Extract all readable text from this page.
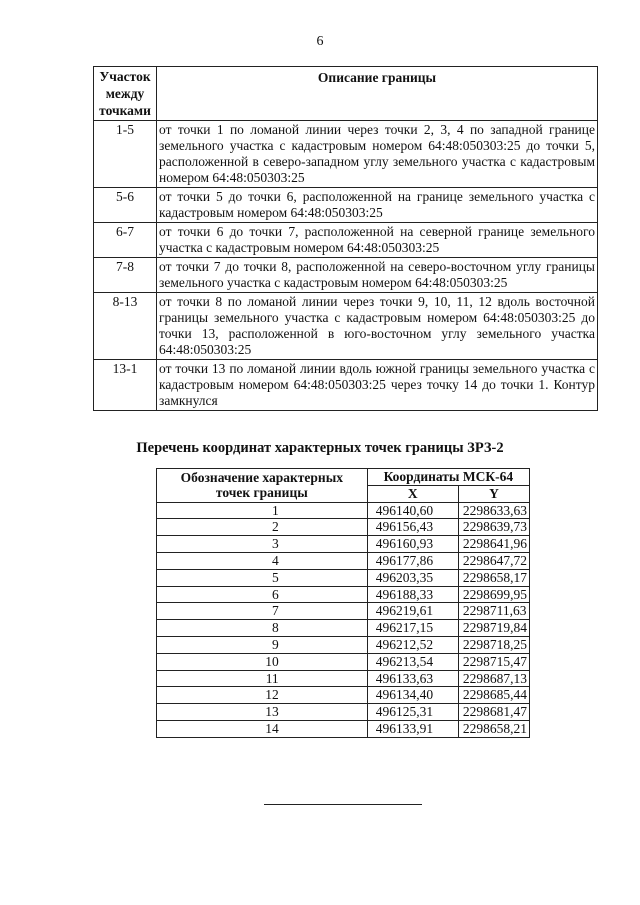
6
Участок
между
точками	Описание границы
1-5	от точки 1 по ломаной линии через точки 2, 3, 4 по западной границе земельного участка с кадастровым номером 64:48:050303:25 до точки 5, расположенной в северо-западном углу земельного участка с кадастровым номером 64:48:050303:25
5-6	от точки 5 до точки 6, расположенной на границе земельного участка с кадастровым номером 64:48:050303:25
6-7	от точки 6 до точки 7, расположенной на северной границе земельного участка с кадастровым номером 64:48:050303:25
7-8	от точки 7 до точки 8, расположенной на северо-восточном углу границы земельного участка с кадастровым номером 64:48:050303:25
8-13	от точки 8 по ломаной линии через точки 9, 10, 11, 12 вдоль восточной границы земельного участка с кадастровым номером 64:48:050303:25 до точки 13, расположенной в юго-восточном углу земельного участка 64:48:050303:25
13-1	от точки 13 по ломаной линии вдоль южной границы земельного участка с кадастровым номером 64:48:050303:25 через точку 14 до точки 1. Контур замкнулся
Перечень координат характерных точек границы ЗРЗ-2
Обозначение характерных
точек границы	Координаты МСК-64	
	X	Y
1	496140,60	2298633,63
2	496156,43	2298639,73
3	496160,93	2298641,96
4	496177,86	2298647,72
5	496203,35	2298658,17
6	496188,33	2298699,95
7	496219,61	2298711,63
8	496217,15	2298719,84
9	496212,52	2298718,25
10	496213,54	2298715,47
11	496133,63	2298687,13
12	496134,40	2298685,44
13	496125,31	2298681,47
14	496133,91	2298658,21
